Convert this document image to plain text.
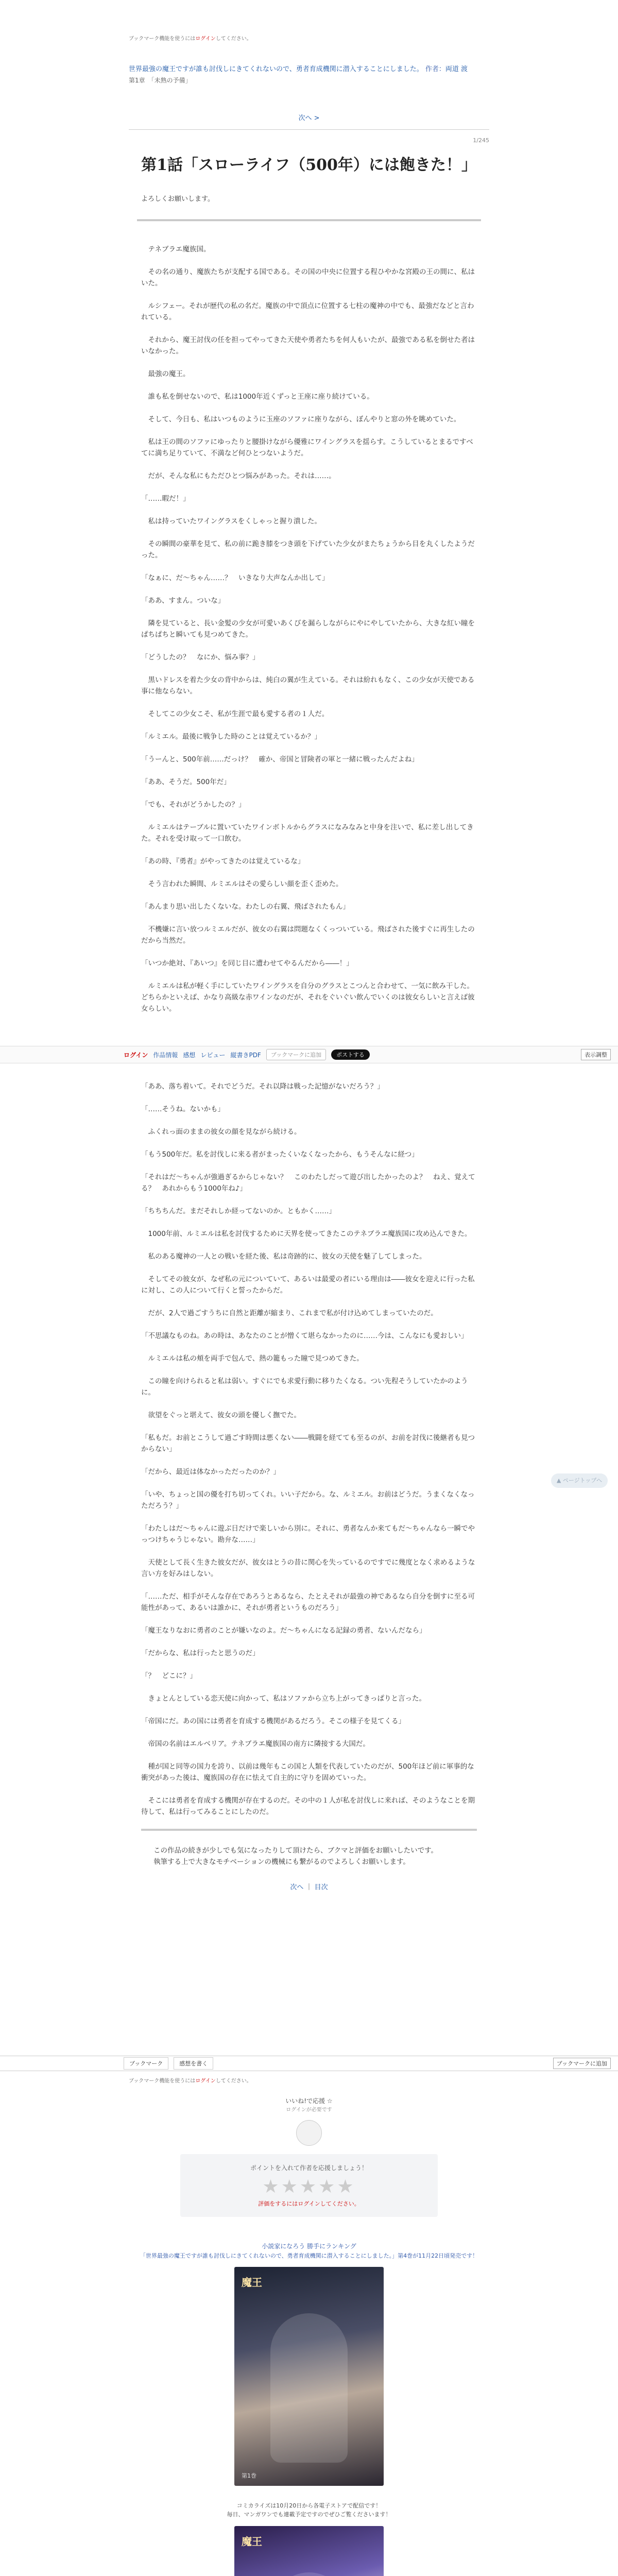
ブックマーク機能を使うにはログインしてください。
世界最強の魔王ですが誰も討伐しにきてくれないので、勇者育成機関に潜入することにしました。 作者：両道 渡
第1章　「未熟の予備」
次へ >
1/245
第1話「スローライフ（500年）には飽きた！」
よろしくお願いします。

　テネブラエ魔族国。

　その名の通り、魔族たちが支配する国である。その国の中央に位置する程ひやかな宮殿の王の間に、私はいた。

　ルシフェー。それが歴代の私の名だ。魔族の中で頂点に位置する七柱の魔神の中でも、最強だなどと言われている。

　それから、魔王討伐の任を担ってやってきた天使や勇者たちを何人もいたが、最強である私を倒せた者はいなかった。

　最強の魔王。

　誰も私を倒せないので、私は1000年近くずっと王座に座り続けている。

　そして、今日も、私はいつものように玉座のソファに座りながら、ぼんやりと窓の外を眺めていた。

　私は王の間のソファにゆったりと腰掛けながら優雅にワイングラスを揺らす。こうしているとまるですべてに満ち足りていて、不満など何ひとつないようだ。

　だが、そんな私にもただひとつ悩みがあった。それは……。

「……暇だ！」

　私は持っていたワイングラスをくしゃっと握り潰した。

　その瞬間の豪華を見て、私の前に跪き膝をつき頭を下げていた少女がまたちょうから目を丸くしたようだった。

「なぁに、だ〜ちゃん……？　いきなり大声なんか出して」

「ああ、すまん。ついな」

　隣を見ていると、長い金髪の少女が可愛いあくびを漏らしながらにやにやしていたから、大きな紅い瞳をぱちぱちと瞬いても見つめてきた。

「どうしたの？　なにか、悩み事？」

　黒いドレスを着た少女の背中からは、純白の翼が生えている。それは紛れもなく、この少女が天使である事に他ならない。

　そしてこの少女こそ、私が生涯で最も愛する者の１人だ。

「ルミエル。最後に戦争した時のことは覚えているか？」

「うーんと、500年前……だっけ？　確か、帝国と冒険者の軍と一緒に戦ったんだよね」

「ああ、そうだ。500年だ」

「でも、それがどうかしたの？」

　ルミエルはテーブルに置いていたワインボトルからグラスになみなみと中身を注いで、私に差し出してきた。それを受け取って一口飲む。

「あの時、『勇者』がやってきたのは覚えているな」

　そう言われた瞬間、ルミエルはその愛らしい顔を歪く歪めた。

「あんまり思い出したくないな。わたしの右翼、飛ばされたもん」

　不機嫌に言い放つルミエルだが、彼女の右翼は問題なくくっついている。飛ばされた後すぐに再生したのだから当然だ。

「いつか絶対、『あいつ』を同じ目に遭わせてやるんだから――！」

　ルミエルは私が軽く手にしていたワイングラスを自分のグラスとこつんと合わせて、一気に飲み干した。どちらかといえば、かなり高級な赤ワインなのだが、それをぐいぐい飲んでいくのは彼女らしいと言えば彼女らしい。

ログイン 作品情報 感想 レビュー 縦書きPDF	ブックマークに追加	ポストする	表示調整
▲ ページトップへ

「ああ、落ち着いて。それでどうだ。それ以降は戦った記憶がないだろう？」

「……そうね。ないかも」

　ふくれっ面のままの彼女の顔を見ながら続ける。

「もう500年だ。私を討伐しに来る者がまったくいなくなったから、もうそんなに経つ」

「それはだ〜ちゃんが強過ぎるからじゃない？　このわたしだって遊び出したかったのよ？　ねえ、覚えてる？　あれからもう1000年ね♪」

「ちちちんだ。まだそれしか経ってないのか。ともかく……」

　1000年前、ルミエルは私を討伐するために天界を使ってきたこのテネブラエ魔族国に攻め込んできた。

　私のある魔神の一人との戦いを経た後、私は奇跡的に、彼女の天使を魅了してしまった。

　そしてその彼女が、なぜ私の元についていて、あるいは最愛の者にいる理由は――彼女を迎えに行った私に対し、この人について行くと誓ったからだ。

　だが、2人で過ごすうちに自然と距離が縮まり、これまで私が付け込めてしまっていたのだ。

「不思議なものね。あの時は、あなたのことが憎くて堪らなかったのに……今は、こんなにも愛おしい」

　ルミエルは私の頬を両手で包んで、熱の籠もった瞳で見つめてきた。

　この瞳を向けられると私は弱い。すぐにでも求愛行動に移りたくなる。つい先程そうしていたかのように。

　欲望をぐっと堪えて、彼女の頭を優しく撫でた。

「私もだ。お前とこうして過ごす時間は悪くない――戦闘を経てても至るのが、お前を討伐に後継者も見つからない」

「だから、最近は体なかっただったのか？」

「いや、ちょっと国の優を打ち切ってくれ。いい子だから。な、ルミエル。お前はどうだ。うまくなくなっただろう？」

「わたしはだ〜ちゃんに遊ぶ日だけで楽しいから別に。それに、勇者なんか来てもだ〜ちゃんなら一瞬でやっつけちゃうじゃない。勘弁な……」

　天使として長く生きた彼女だが、彼女はとうの昔に関心を失っているのですでに幾度となく求めるような言い方を好みはしない。

「……ただ、相手がそんな存在であろうとあるなら、たとえそれが最強の神であるなら自分を倒すに至る可能性があって、あるいは誰かに、それが勇者というものだろう」

「魔王なりなおに勇者のことが嫌いなのよ。だ〜ちゃんになる記録の勇者、ないんだなら」

「だからな、私は行ったと思うのだ」

「？　どこに？」

　きょとんとしている恋天使に向かって、私はソファから立ち上がってきっぱりと言った。

「帝国にだ。あの国には勇者を育成する機関があるだろう。そこの様子を見てくる」

　帝国の名前はエルベリア。テネブラエ魔族国の南方に隣接する大国だ。

　種が国と同等の国力を誇り、以前は幾年もこの国と人類を代表していたのだが、500年ほど前に軍事的な衝突があった後は、魔族国の存在に怯えて自主的に守りを固めていった。

　そこには勇者を育成する機関が存在するのだ。その中の１人が私を討伐しに来れば、そのようなことを期待して、私は行ってみることにしたのだ。

この作品の続きが少しでも気になったりして頂けたら、ブクマと評価をお願いしたいです。
執筆する上で大きなモチベーションの機械にも繋がるのでよろしくお願いします。
次へ ｜ 目次
ブックマーク	感想を書く	ブックマークに追加
ブックマーク機能を使うにはログインしてください。
いいね!で応援 ☆
ログインが必要です
ポイントを入れて作者を応援しましょう！
★★★★★
評価をするにはログインしてください。
小説家になろう 勝手にランキング
「世界最強の魔王ですが誰も討伐しにきてくれないので、勇者育成機関に潜入することにしました。」第4巻が11月22日頃発売です！
魔王
第1巻
コミカライズは10月20日から各電子ストアで配信です！
毎日、マンガワンでも連載予定ですのでぜひご覧くださいます！
魔王
